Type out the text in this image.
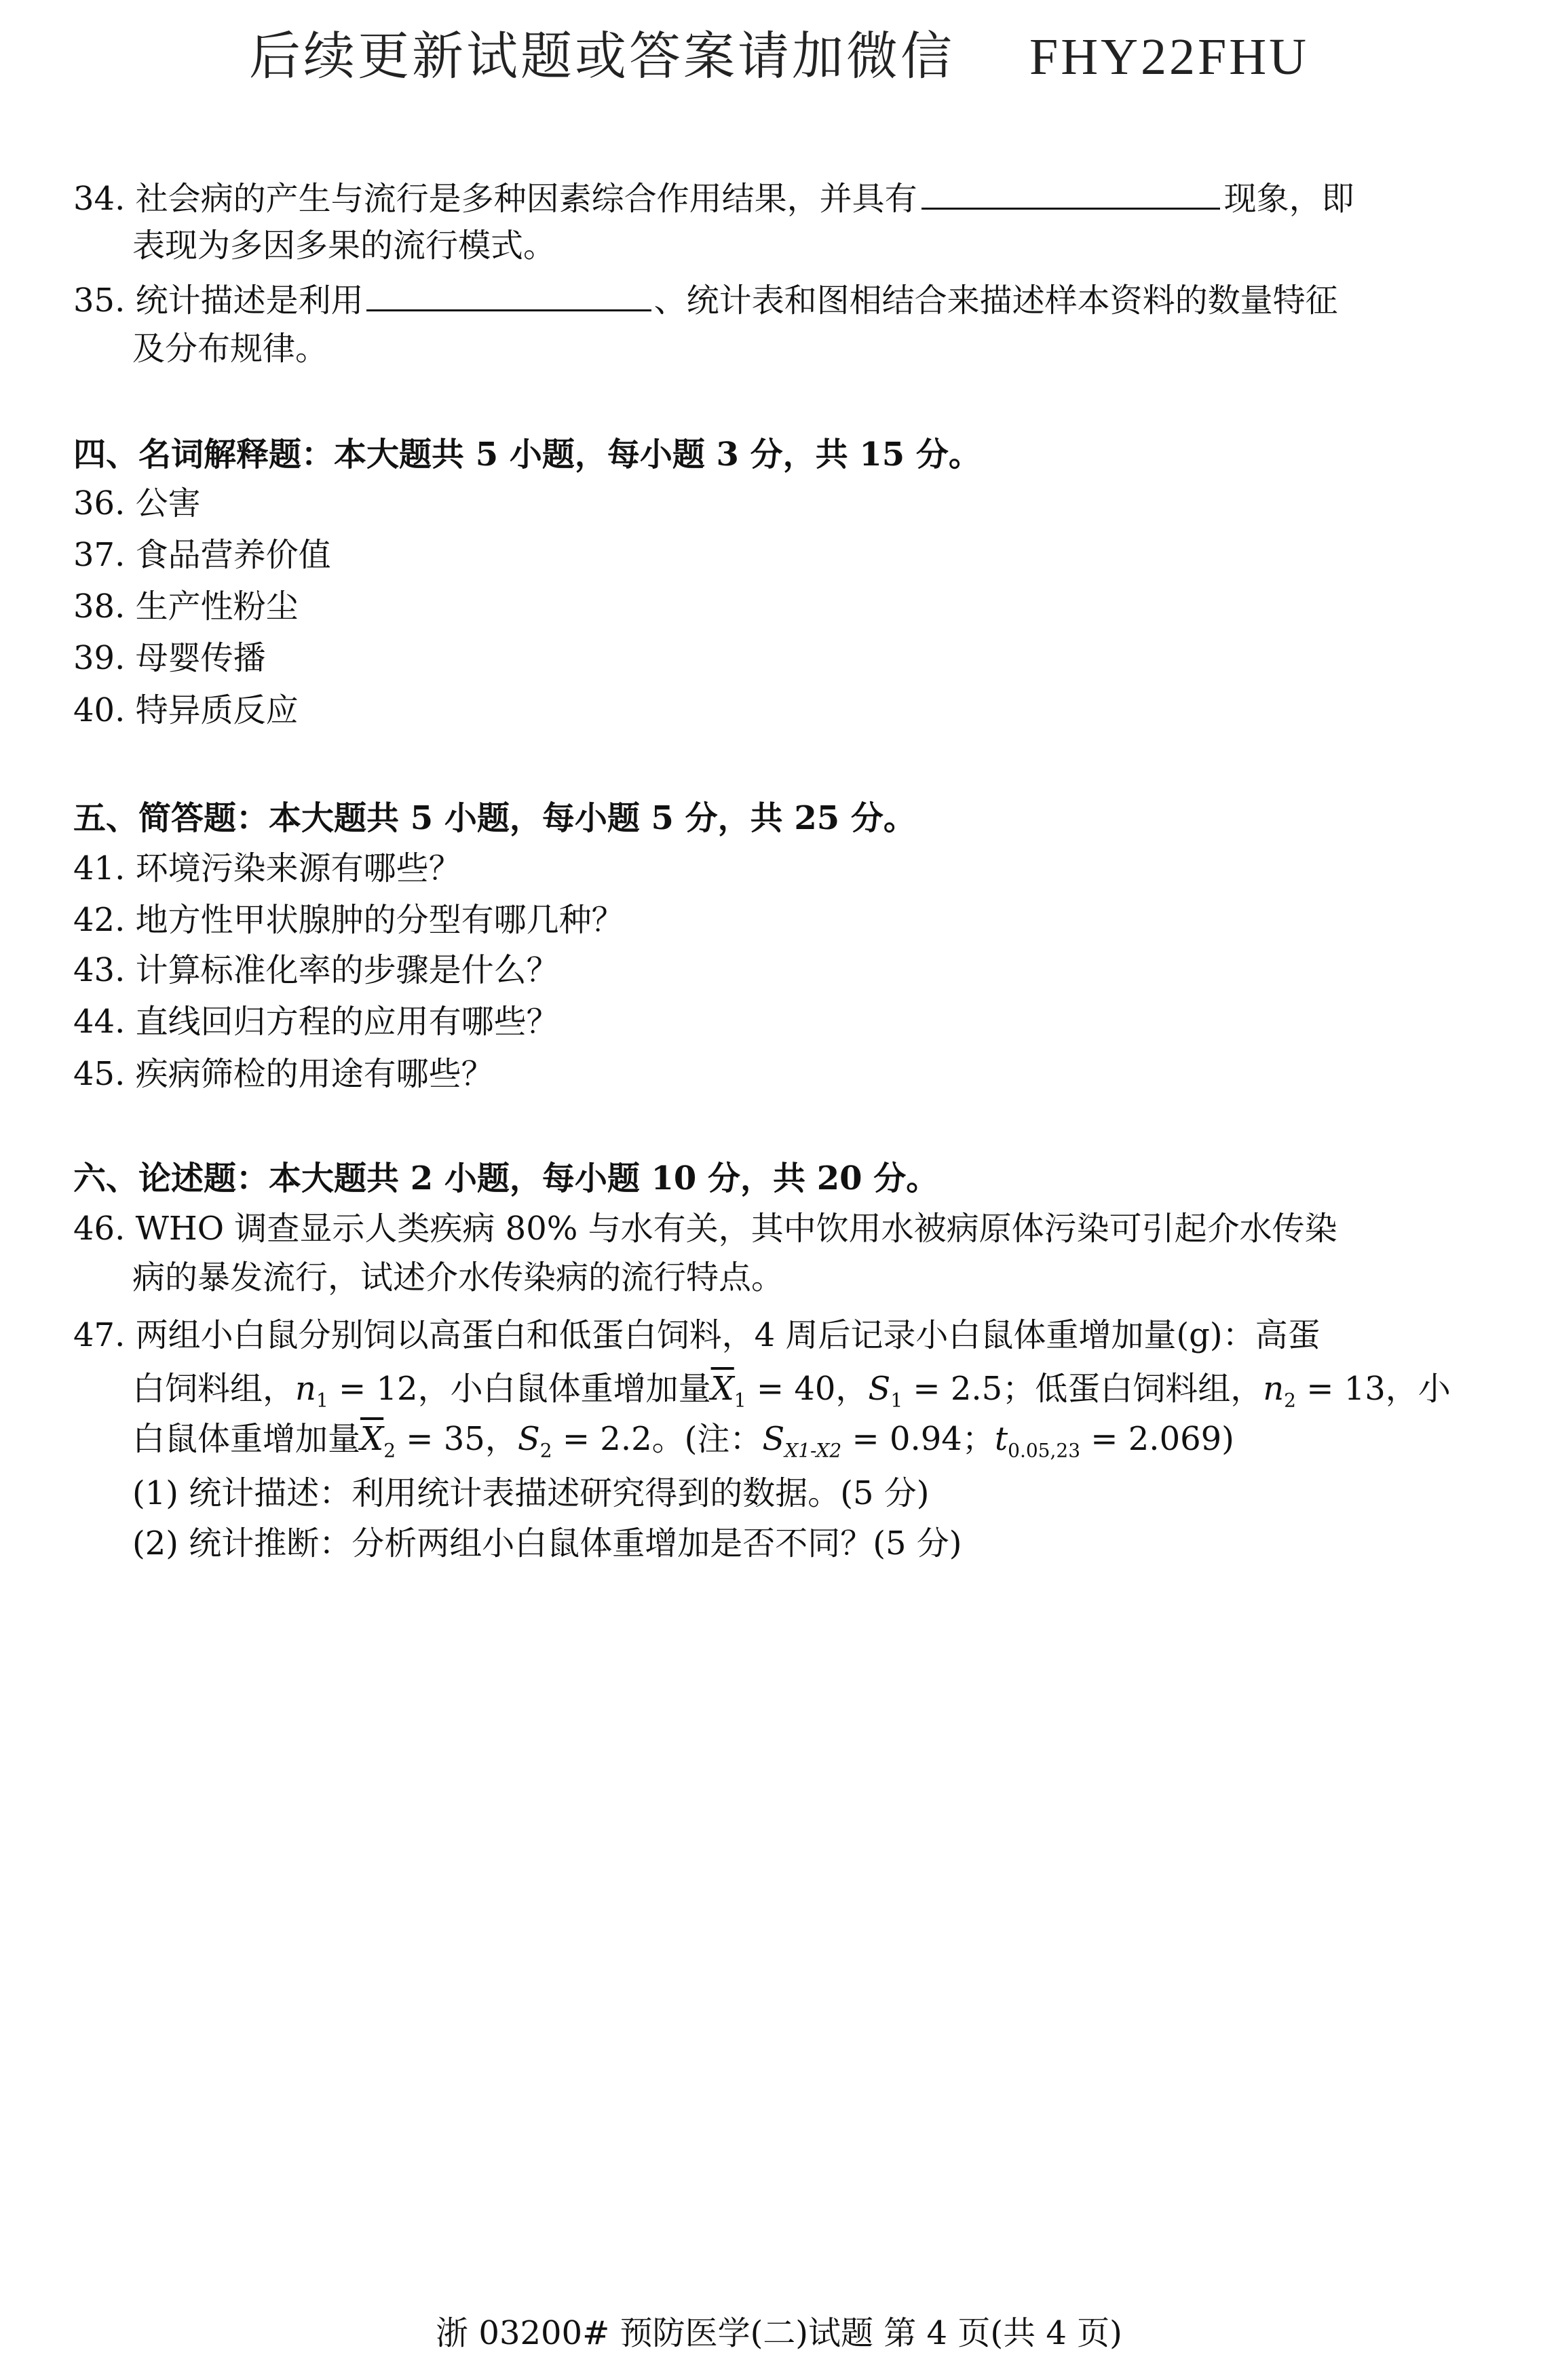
后续更新试题或答案请加微信 FHY22FHU
34. 社会病的产生与流行是多种因素综合作用结果，并具有	现象，即
表现为多因多果的流行模式。
35. 统计描述是利用	、统计表和图相结合来描述样本资料的数量特征
及分布规律。
四、名词解释题：本大题共 5 小题，每小题 3 分，共 15 分。
36. 公害
37. 食品营养价值
38. 生产性粉尘
39. 母婴传播
40. 特异质反应
五、简答题：本大题共 5 小题，每小题 5 分，共 25 分。
41. 环境污染来源有哪些？
42. 地方性甲状腺肿的分型有哪几种？
43. 计算标准化率的步骤是什么？
44. 直线回归方程的应用有哪些？
45. 疾病筛检的用途有哪些？
六、论述题：本大题共 2 小题，每小题 10 分，共 20 分。
46. WHO 调查显示人类疾病 80% 与水有关，其中饮用水被病原体污染可引起介水传染
病的暴发流行，试述介水传染病的流行特点。
47. 两组小白鼠分别饲以高蛋白和低蛋白饲料，4 周后记录小白鼠体重增加量(g)：高蛋
白饲料组，$n_1 = 12$，小白鼠体重增加量$\overline{X}_1 = 40$，$S_1 = 2.5$；低蛋白饲料组，$n_2 = 13$，小
白鼠体重增加量$\overline{X}_2 = 35$，$S_2 = 2.2$。(注：$S_{X1-X2} = 0.94$；$t_{0.05,23} = 2.069$)
(1) 统计描述：利用统计表描述研究得到的数据。(5 分)
(2) 统计推断：分析两组小白鼠体重增加是否不同？(5 分)
浙 03200# 预防医学(二)试题 第 4 页(共 4 页)
